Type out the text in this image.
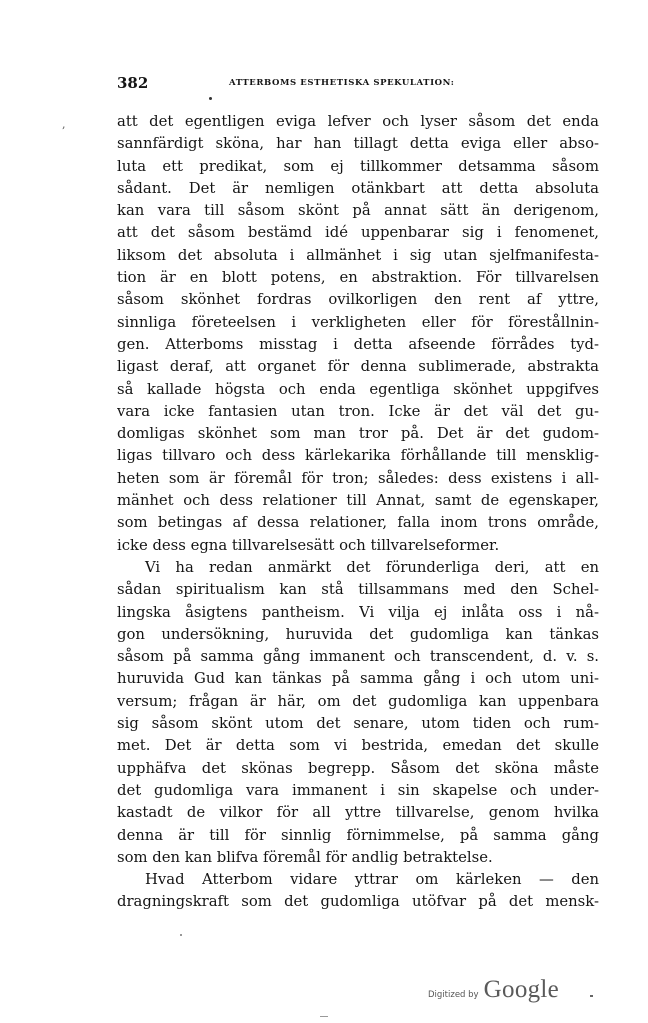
382	ATTERBOMS ESTHETISKA SPEKULATION:
,	att det egentligen eviga lefver och lyser såsom det enda
sannfärdigt sköna, har han tillagt detta eviga eller abso-
luta ett predikat, som ej tillkommer detsamma såsom
sådant. Det är nemligen otänkbart att detta absoluta
kan vara till såsom skönt på annat sätt än derigenom,
att det såsom bestämd idé uppenbarar sig i fenomenet,
liksom det absoluta i allmänhet i sig utan sjelfmanifesta-
tion är en blott potens, en abstraktion. För tillvarelsen
såsom skönhet fordras ovilkorligen den rent af yttre,
sinnliga företeelsen i verkligheten eller för förestållnin-
gen. Atterboms misstag i detta afseende förrådes tyd-
ligast deraf, att organet för denna sublimerade, abstrakta
så kallade högsta och enda egentliga skönhet uppgifves
vara icke fantasien utan tron. Icke är det väl det gu-
domligas skönhet som man tror på. Det är det gudom-
ligas tillvaro och dess kärlekarika förhållande till mensklig-
heten som är föremål för tron; således: dess existens i all-
mänhet och dess relationer till Annat, samt de egenskaper,
som betingas af dessa relationer, falla inom trons område,
icke dess egna tillvarelsesätt och tillvarelseformer.
Vi ha redan anmärkt det förunderliga deri, att en
sådan spiritualism kan stå tillsammans med den Schel-
lingska åsigtens pantheism. Vi vilja ej inlåta oss i nå-
gon undersökning, huruvida det gudomliga kan tänkas
såsom på samma gång immanent och transcendent, d. v. s.
huruvida Gud kan tänkas på samma gång i och utom uni-
versum; frågan är här, om det gudomliga kan uppenbara
sig såsom skönt utom det senare, utom tiden och rum-
met. Det är detta som vi bestrida, emedan det skulle
upphäfva det skönas begrepp. Såsom det sköna måste
det gudomliga vara immanent i sin skapelse och under-
kastadt de vilkor för all yttre tillvarelse, genom hvilka
denna är till för sinnlig förnimmelse, på samma gång
som den kan blifva föremål för andlig betraktelse.
Hvad Atterbom vidare yttrar om kärleken — den
dragningskraft som det gudomliga utöfvar på det mensk-
Digitized by Google
